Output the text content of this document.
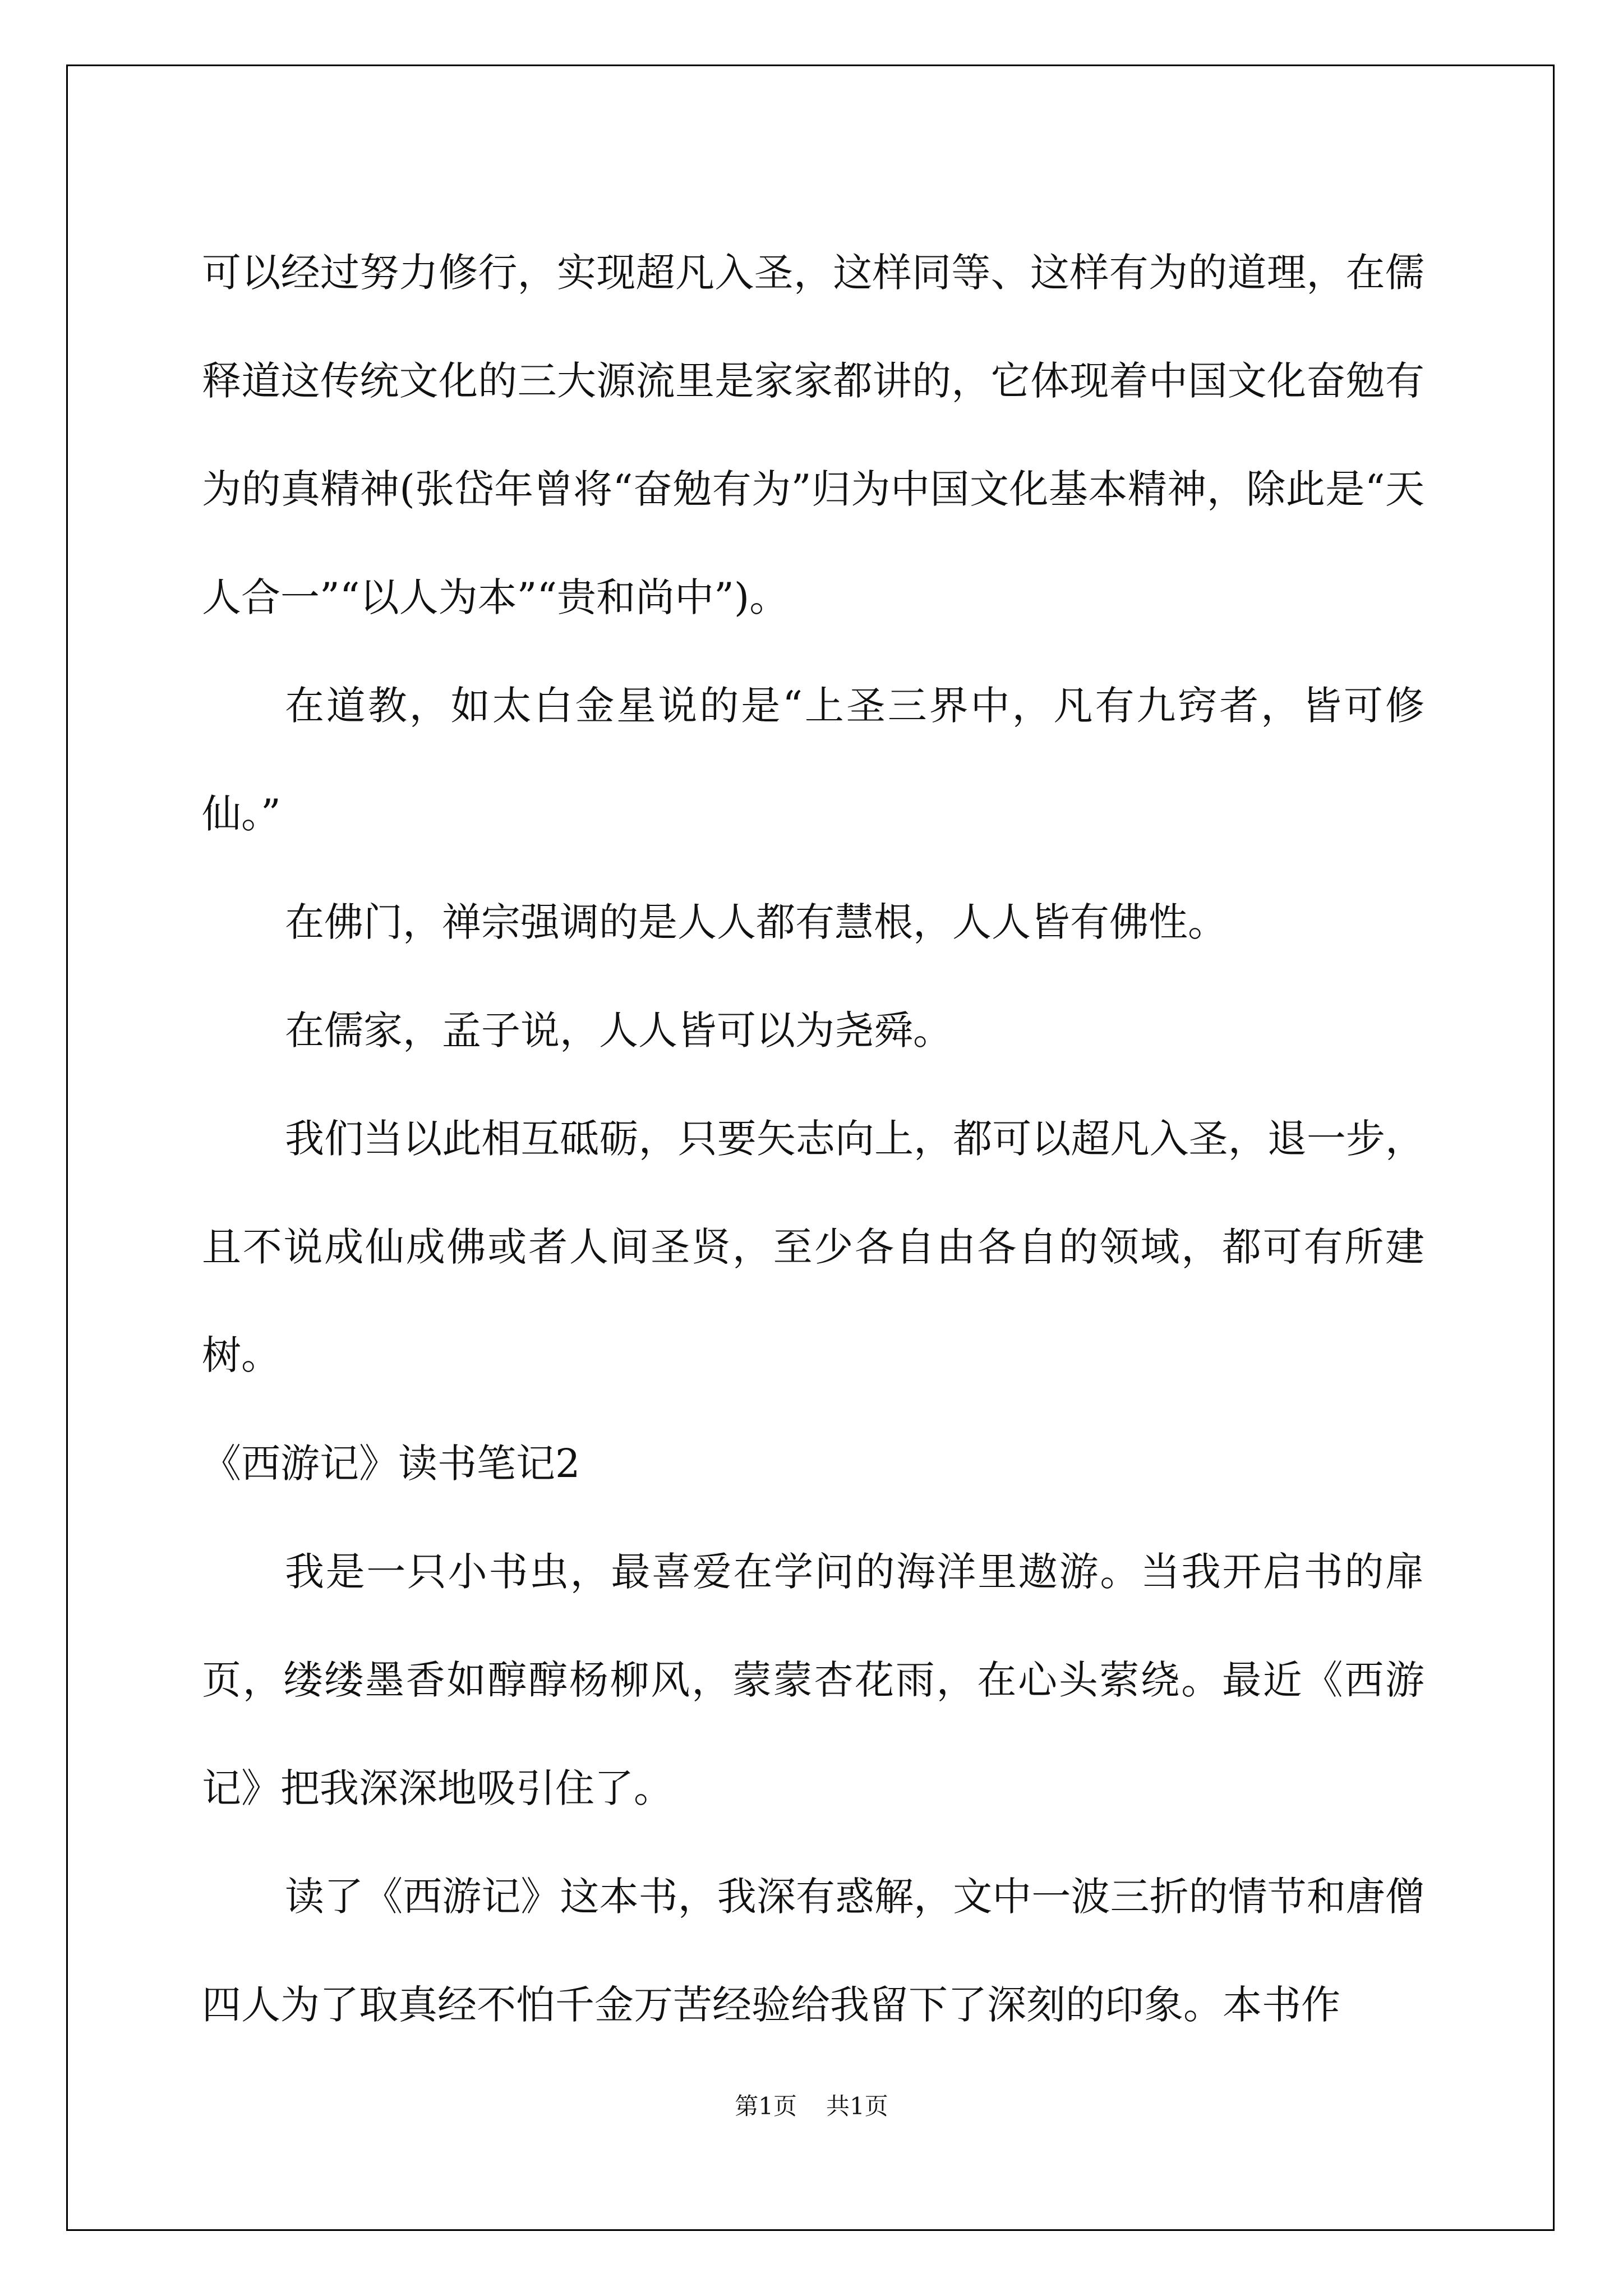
可以经过努力修行，实现超凡入圣，这样同等、这样有为的道理，在儒释道这传统文化的三大源流里是家家都讲的，它体现着中国文化奋勉有为的真精神(张岱年曾将“奋勉有为”归为中国文化基本精神，除此是“天人合一”“以人为本”“贵和尚中”)。

在道教，如太白金星说的是“上圣三界中，凡有九窍者，皆可修仙。”

在佛门，禅宗强调的是人人都有慧根，人人皆有佛性。

在儒家，孟子说，人人皆可以为尧舜。

我们当以此相互砥砺，只要矢志向上，都可以超凡入圣，退一步，且不说成仙成佛或者人间圣贤，至少各自由各自的领域，都可有所建树。

《西游记》读书笔记2

我是一只小书虫，最喜爱在学问的海洋里遨游。当我开启书的扉页，缕缕墨香如醇醇杨柳风，蒙蒙杏花雨，在心头萦绕。最近《西游记》把我深深地吸引住了。

读了《西游记》这本书，我深有惑解，文中一波三折的情节和唐僧四人为了取真经不怕千金万苦经验给我留下了深刻的印象。本书作

第1页 共1页
